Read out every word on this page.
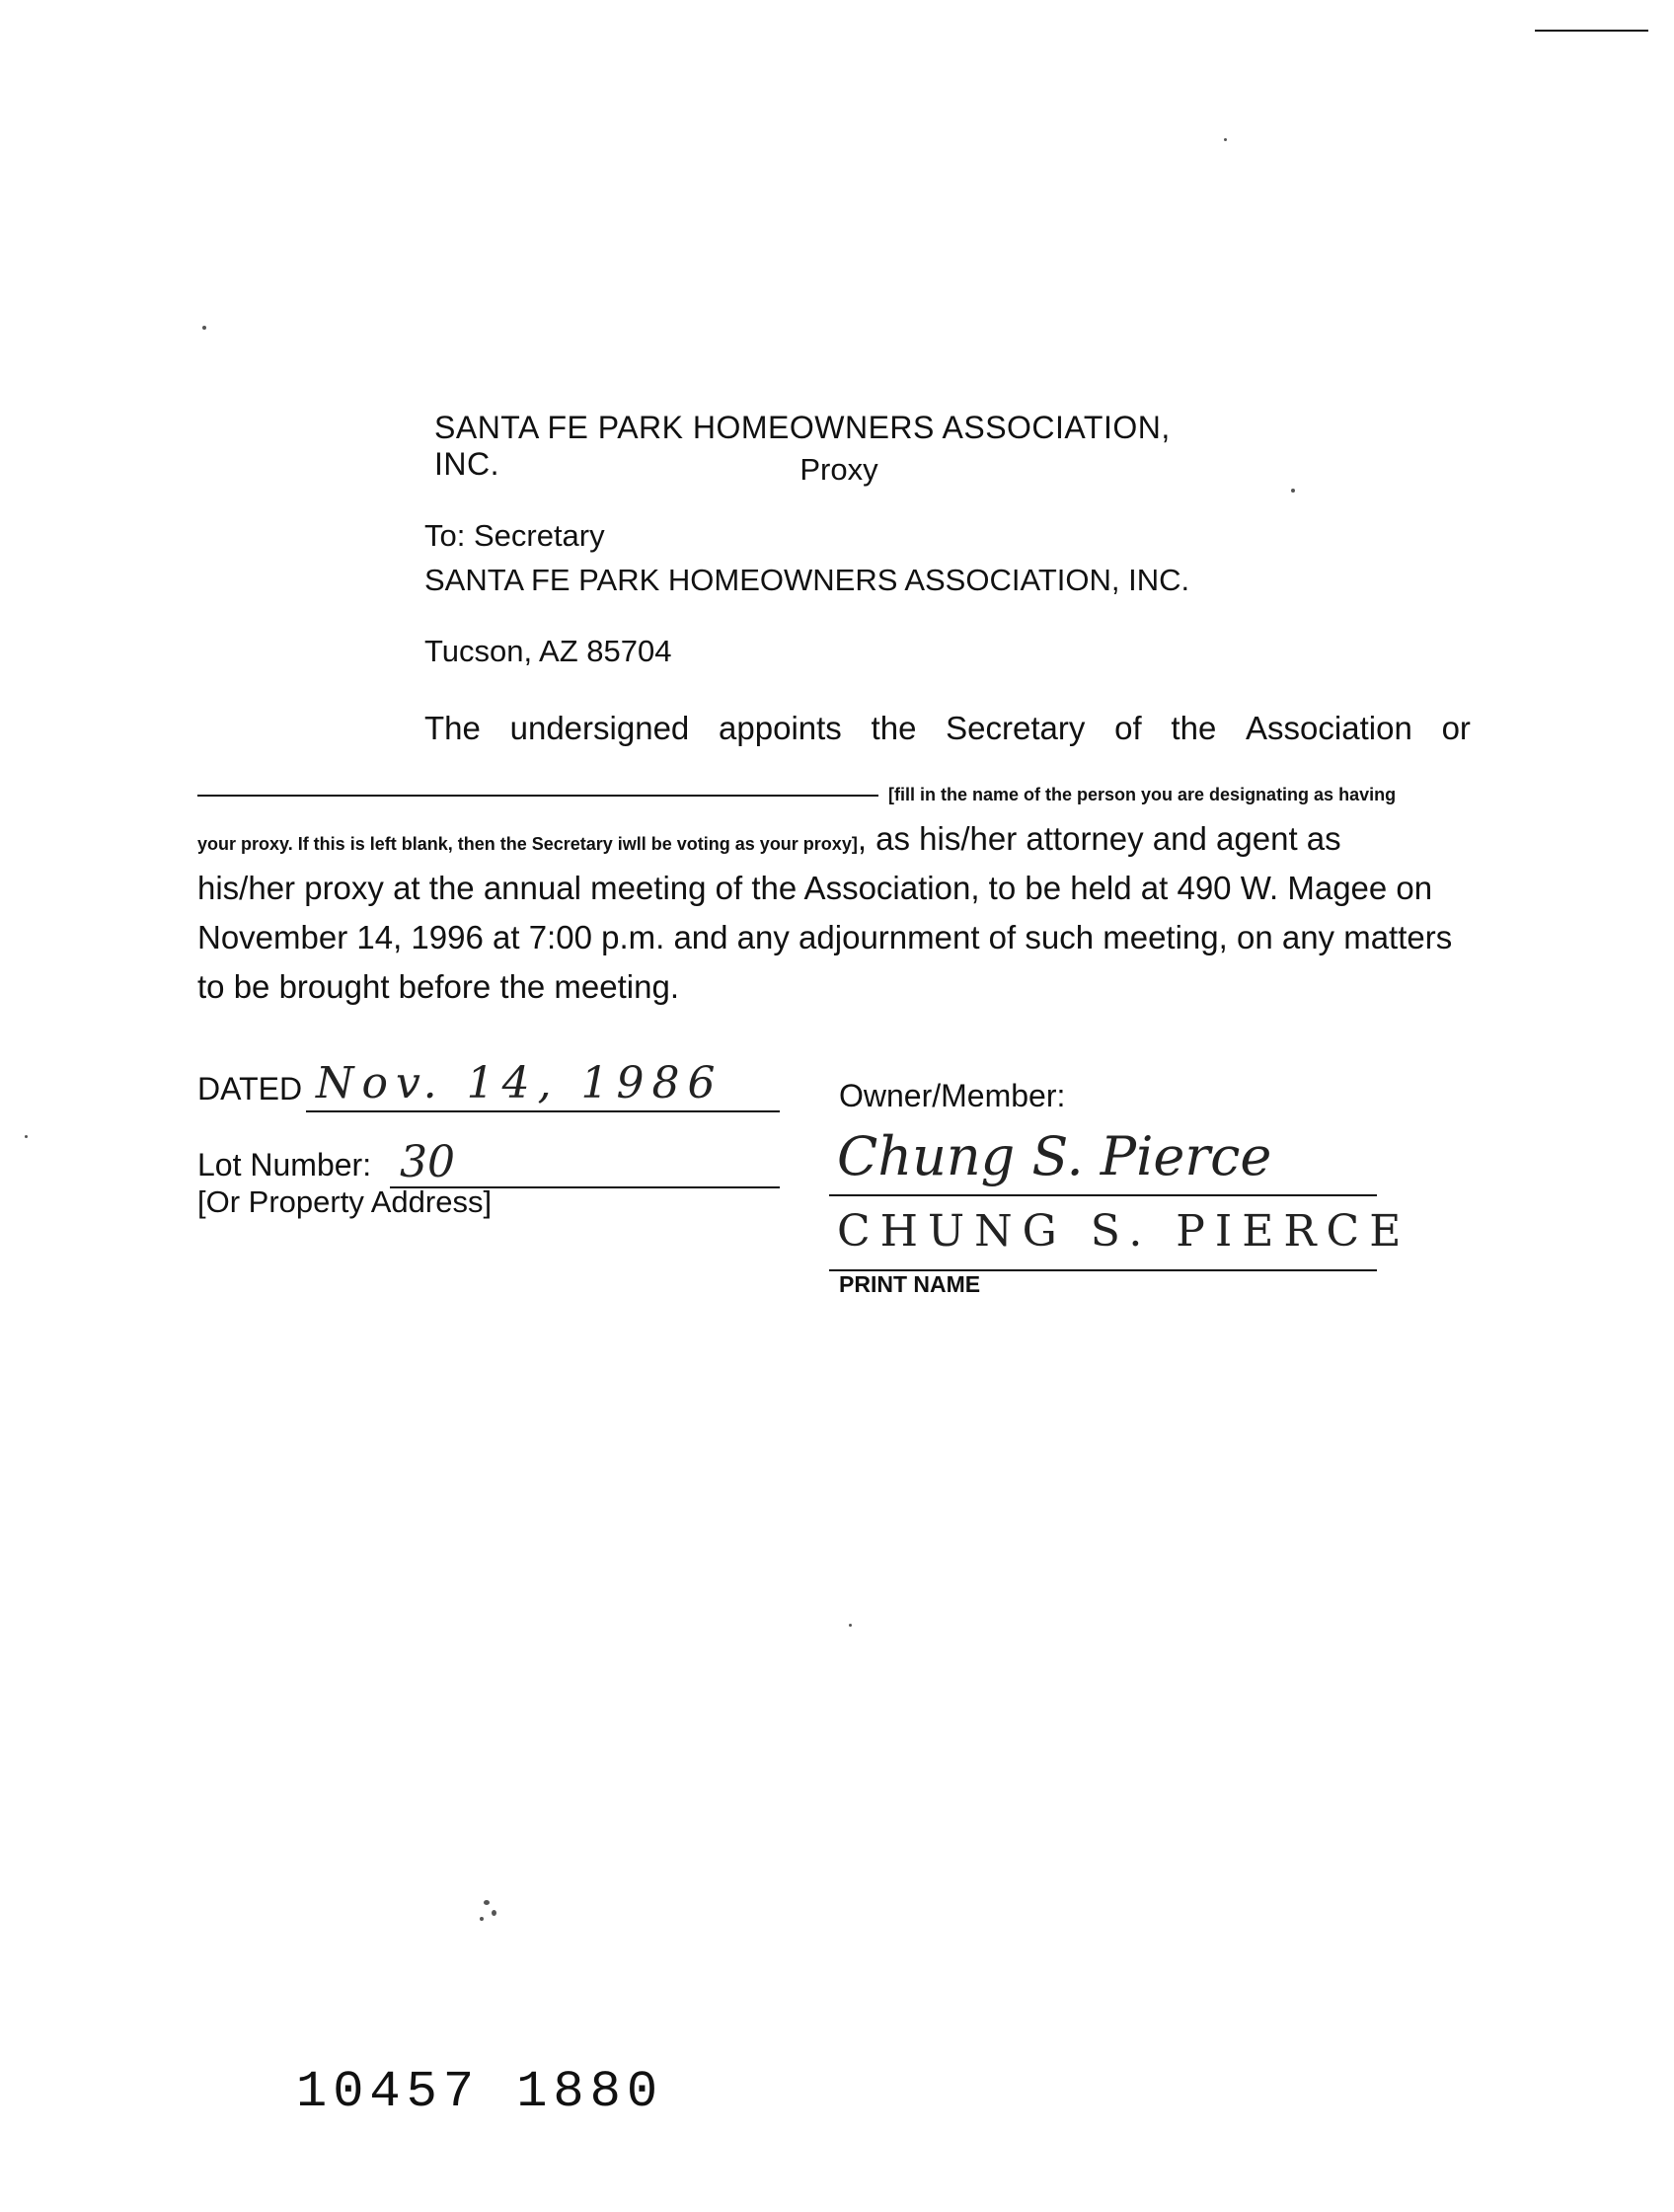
SANTA FE PARK HOMEOWNERS ASSOCIATION, INC.	Proxy
To: Secretary
SANTA FE PARK HOMEOWNERS ASSOCIATION, INC.
Tucson, AZ 85704
The undersigned appoints the Secretary of the Association or
[fill in the name of the person you are designating as having
your proxy. If this is left blank, then the Secretary iwll be voting as your proxy], as his/her attorney and agent as
his/her proxy at the annual meeting of the Association, to be held at 490 W. Magee on
November 14, 1996 at 7:00 p.m. and any adjournment of such meeting, on any matters
to be brought before the meeting.
DATED Nov. 14, 1986	Owner/Member:
Lot Number: 30
[Or Property Address]
Chung S. Pierce
CHUNG S. PIERCE
PRINT NAME
10457 1880
